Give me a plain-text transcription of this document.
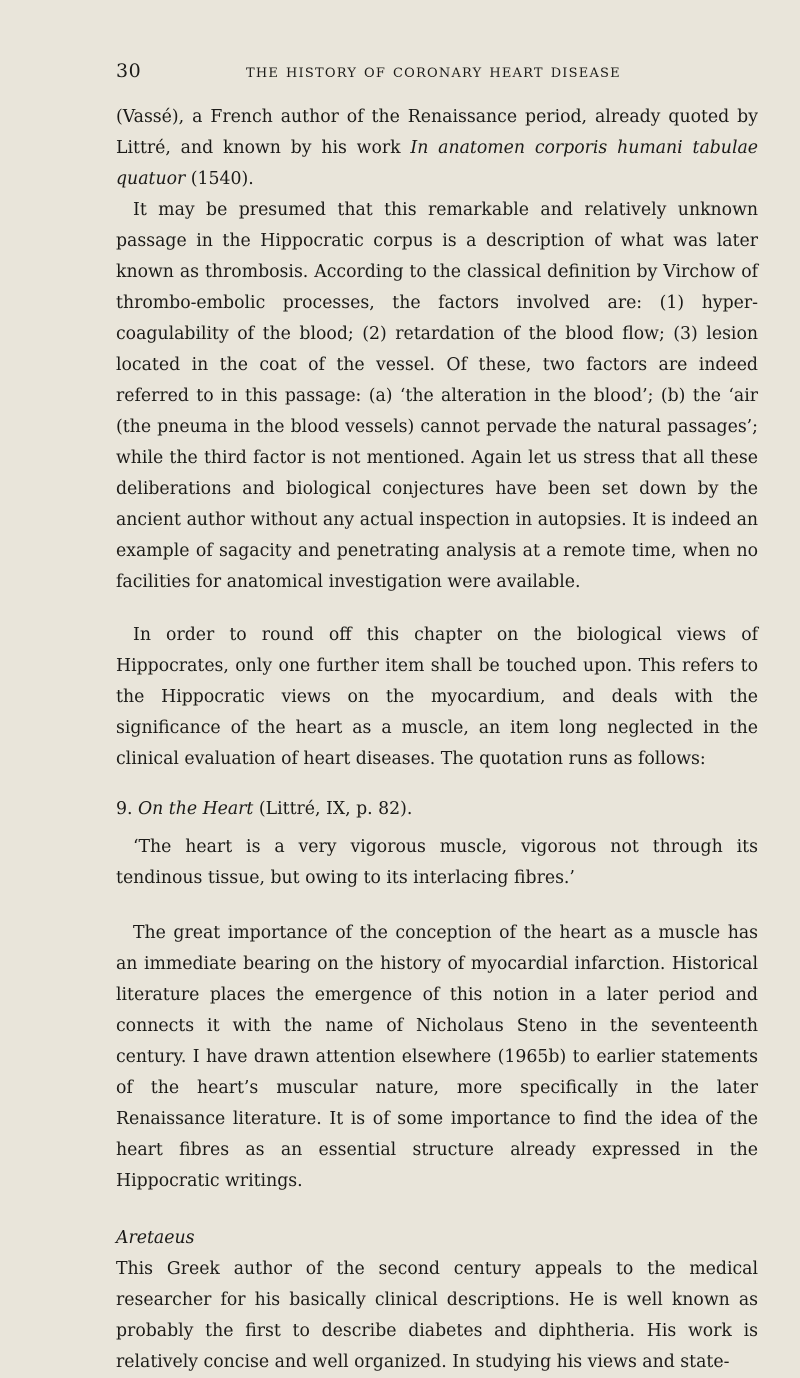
30	the history of coronary heart disease

(Vassé), a French author of the Renaissance period, already quoted by Littré, and known by his work In anatomen corporis humani tabulae quatuor (1540).

It may be presumed that this remarkable and relatively unknown passage in the Hippocratic corpus is a description of what was later known as thrombosis. According to the classical definition by Virchow of thrombo-embolic processes, the factors involved are: (1) hyper-coagulability of the blood; (2) retardation of the blood flow; (3) lesion located in the coat of the vessel. Of these, two factors are indeed referred to in this passage: (a) ‘the alteration in the blood’; (b) the ‘air (the pneuma in the blood vessels) cannot pervade the natural passages’; while the third factor is not mentioned. Again let us stress that all these deliberations and biological conjectures have been set down by the ancient author without any actual inspection in autopsies. It is indeed an example of sagacity and penetrating analysis at a remote time, when no facilities for anatomical investigation were available.

In order to round off this chapter on the biological views of Hippocrates, only one further item shall be touched upon. This refers to the Hippocratic views on the myocardium, and deals with the significance of the heart as a muscle, an item long neglected in the clinical evaluation of heart diseases. The quotation runs as follows:

9. On the Heart (Littré, IX, p. 82).

‘The heart is a very vigorous muscle, vigorous not through its tendinous tissue, but owing to its interlacing fibres.’

The great importance of the conception of the heart as a muscle has an immediate bearing on the history of myocardial infarction. Historical literature places the emergence of this notion in a later period and connects it with the name of Nicholaus Steno in the seventeenth century. I have drawn attention elsewhere (1965b) to earlier statements of the heart’s muscular nature, more specifically in the later Renaissance literature. It is of some importance to find the idea of the heart fibres as an essential structure already expressed in the Hippocratic writings.

Aretaeus

This Greek author of the second century appeals to the medical researcher for his basically clinical descriptions. He is well known as probably the first to describe diabetes and diphtheria. His work is relatively concise and well organized. In studying his views and state-
